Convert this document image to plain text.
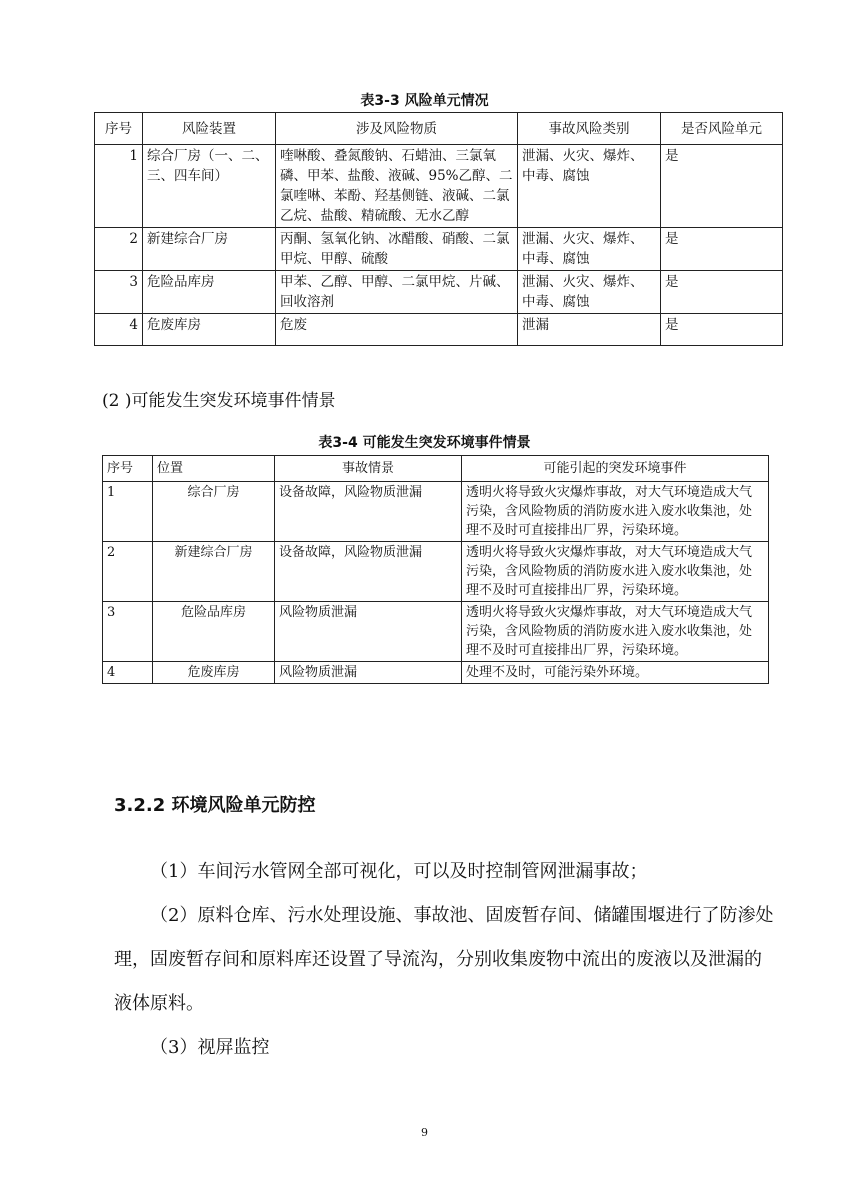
表3-3 风险单元情况
序号	风险装置	涉及风险物质	事故风险类别	是否风险单元
1	综合厂房（一、二、三、四车间）	喹啉酸、叠氮酸钠、石蜡油、三氯氧磷、甲苯、盐酸、液碱、95%乙醇、二氯喹啉、苯酚、羟基侧链、液碱、二氯乙烷、盐酸、精硫酸、无水乙醇	泄漏、火灾、爆炸、中毒、腐蚀	是
2	新建综合厂房	丙酮、氢氧化钠、冰醋酸、硝酸、二氯甲烷、甲醇、硫酸	泄漏、火灾、爆炸、中毒、腐蚀	是
3	危险品库房	甲苯、乙醇、甲醇、二氯甲烷、片碱、回收溶剂	泄漏、火灾、爆炸、中毒、腐蚀	是
4	危废库房	危废	泄漏	是
(2 )可能发生突发环境事件情景
表3-4 可能发生突发环境事件情景
序号	位置	事故情景	可能引起的突发环境事件
1	综合厂房	设备故障，风险物质泄漏	透明火将导致火灾爆炸事故，对大气环境造成大气污染，含风险物质的消防废水进入废水收集池，处理不及时可直接排出厂界，污染环境。
2	新建综合厂房	设备故障，风险物质泄漏	透明火将导致火灾爆炸事故，对大气环境造成大气污染，含风险物质的消防废水进入废水收集池，处理不及时可直接排出厂界，污染环境。
3	危险品库房	风险物质泄漏	透明火将导致火灾爆炸事故，对大气环境造成大气污染，含风险物质的消防废水进入废水收集池，处理不及时可直接排出厂界，污染环境。
4	危废库房	风险物质泄漏	处理不及时，可能污染外环境。
3.2.2 环境风险单元防控
（1）车间污水管网全部可视化，可以及时控制管网泄漏事故；
（2）原料仓库、污水处理设施、事故池、固废暂存间、储罐围堰进行了防渗处理，固废暂存间和原料库还设置了导流沟，分别收集废物中流出的废液以及泄漏的液体原料。
（3）视屏监控
9
